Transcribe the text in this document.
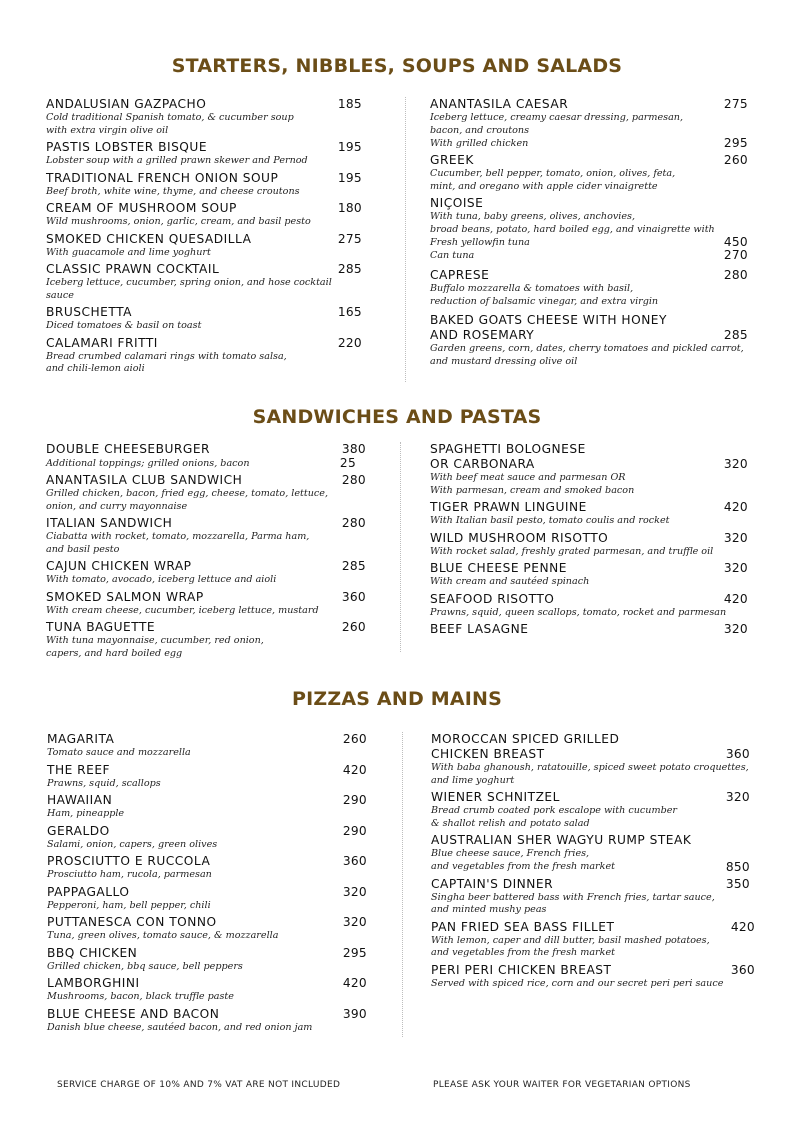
STARTERS, NIBBLES, SOUPS AND SALADS
ANDALUSIAN GAZPACHO	185
Cold traditional Spanish tomato, & cucumber soup
with extra virgin olive oil
PASTIS LOBSTER BISQUE	195
Lobster soup with a grilled prawn skewer and Pernod
TRADITIONAL FRENCH ONION SOUP	195
Beef broth, white wine, thyme, and cheese croutons
CREAM OF MUSHROOM SOUP	180
Wild mushrooms, onion, garlic, cream, and basil pesto
SMOKED CHICKEN QUESADILLA	275
With guacamole and lime yoghurt
CLASSIC PRAWN COCKTAIL	285
Iceberg lettuce, cucumber, spring onion, and hose cocktail sauce
BRUSCHETTA	165
Diced tomatoes & basil on toast
CALAMARI FRITTI	220
Bread crumbed calamari rings with tomato salsa,
and chili-lemon aioli
ANANTASILA CAESAR	275
Iceberg lettuce, creamy caesar dressing, parmesan,
bacon, and croutons
With grilled chicken	295
GREEK	260
Cucumber, bell pepper, tomato, onion, olives, feta,
mint, and oregano with apple cider vinaigrette
NIÇOISE
With tuna, baby greens, olives, anchovies,
broad beans, potato, hard boiled egg, and vinaigrette with
Fresh yellowfin tuna	450
Can tuna	270
CAPRESE	280
Buffalo mozzarella & tomatoes with basil,
reduction of balsamic vinegar, and extra virgin
BAKED GOATS CHEESE WITH HONEY
AND ROSEMARY	285
Garden greens, corn, dates, cherry tomatoes and pickled carrot,
and mustard dressing olive oil
SANDWICHES AND PASTAS
DOUBLE CHEESEBURGER	380
Additional toppings; grilled onions, bacon	25
ANANTASILA CLUB SANDWICH	280
Grilled chicken, bacon, fried egg, cheese, tomato, lettuce,
onion, and curry mayonnaise
ITALIAN SANDWICH	280
Ciabatta with rocket, tomato, mozzarella, Parma ham,
and basil pesto
CAJUN CHICKEN WRAP	285
With tomato, avocado, iceberg lettuce and aioli
SMOKED SALMON WRAP	360
With cream cheese, cucumber, iceberg lettuce, mustard
TUNA BAGUETTE	260
With tuna mayonnaise, cucumber, red onion,
capers, and hard boiled egg
SPAGHETTI BOLOGNESE
OR CARBONARA	320
With beef meat sauce and parmesan OR
With parmesan, cream and smoked bacon
TIGER PRAWN LINGUINE	420
With Italian basil pesto, tomato coulis and rocket
WILD MUSHROOM RISOTTO	320
With rocket salad, freshly grated parmesan, and truffle oil
BLUE CHEESE PENNE	320
With cream and sautéed spinach
SEAFOOD RISOTTO	420
Prawns, squid, queen scallops, tomato, rocket and parmesan
BEEF LASAGNE	320
PIZZAS AND MAINS
MAGARITA	260
Tomato sauce and mozzarella
THE REEF	420
Prawns, squid, scallops
HAWAIIAN	290
Ham, pineapple
GERALDO	290
Salami, onion, capers, green olives
PROSCIUTTO E RUCCOLA	360
Prosciutto ham, rucola, parmesan
PAPPAGALLO	320
Pepperoni, ham, bell pepper, chili
PUTTANESCA CON TONNO	320
Tuna, green olives, tomato sauce, & mozzarella
BBQ CHICKEN	295
Grilled chicken, bbq sauce, bell peppers
LAMBORGHINI	420
Mushrooms, bacon, black truffle paste
BLUE CHEESE AND BACON	390
Danish blue cheese, sautéed bacon, and red onion jam
MOROCCAN SPICED GRILLED
CHICKEN BREAST	360
With baba ghanoush, ratatouille, spiced sweet potato croquettes,
and lime yoghurt
WIENER SCHNITZEL	320
Bread crumb coated pork escalope with cucumber
& shallot relish and potato salad
AUSTRALIAN SHER WAGYU RUMP STEAK
Blue cheese sauce, French fries,
and vegetables from the fresh market	850
CAPTAIN'S DINNER	350
Singha beer battered bass with French fries, tartar sauce,
and minted mushy peas
PAN FRIED SEA BASS FILLET	420
With lemon, caper and dill butter, basil mashed potatoes,
and vegetables from the fresh market
PERI PERI CHICKEN BREAST	360
Served with spiced rice, corn and our secret peri peri sauce
SERVICE CHARGE OF 10% AND 7% VAT ARE NOT INCLUDED	PLEASE ASK YOUR WAITER FOR VEGETARIAN OPTIONS
